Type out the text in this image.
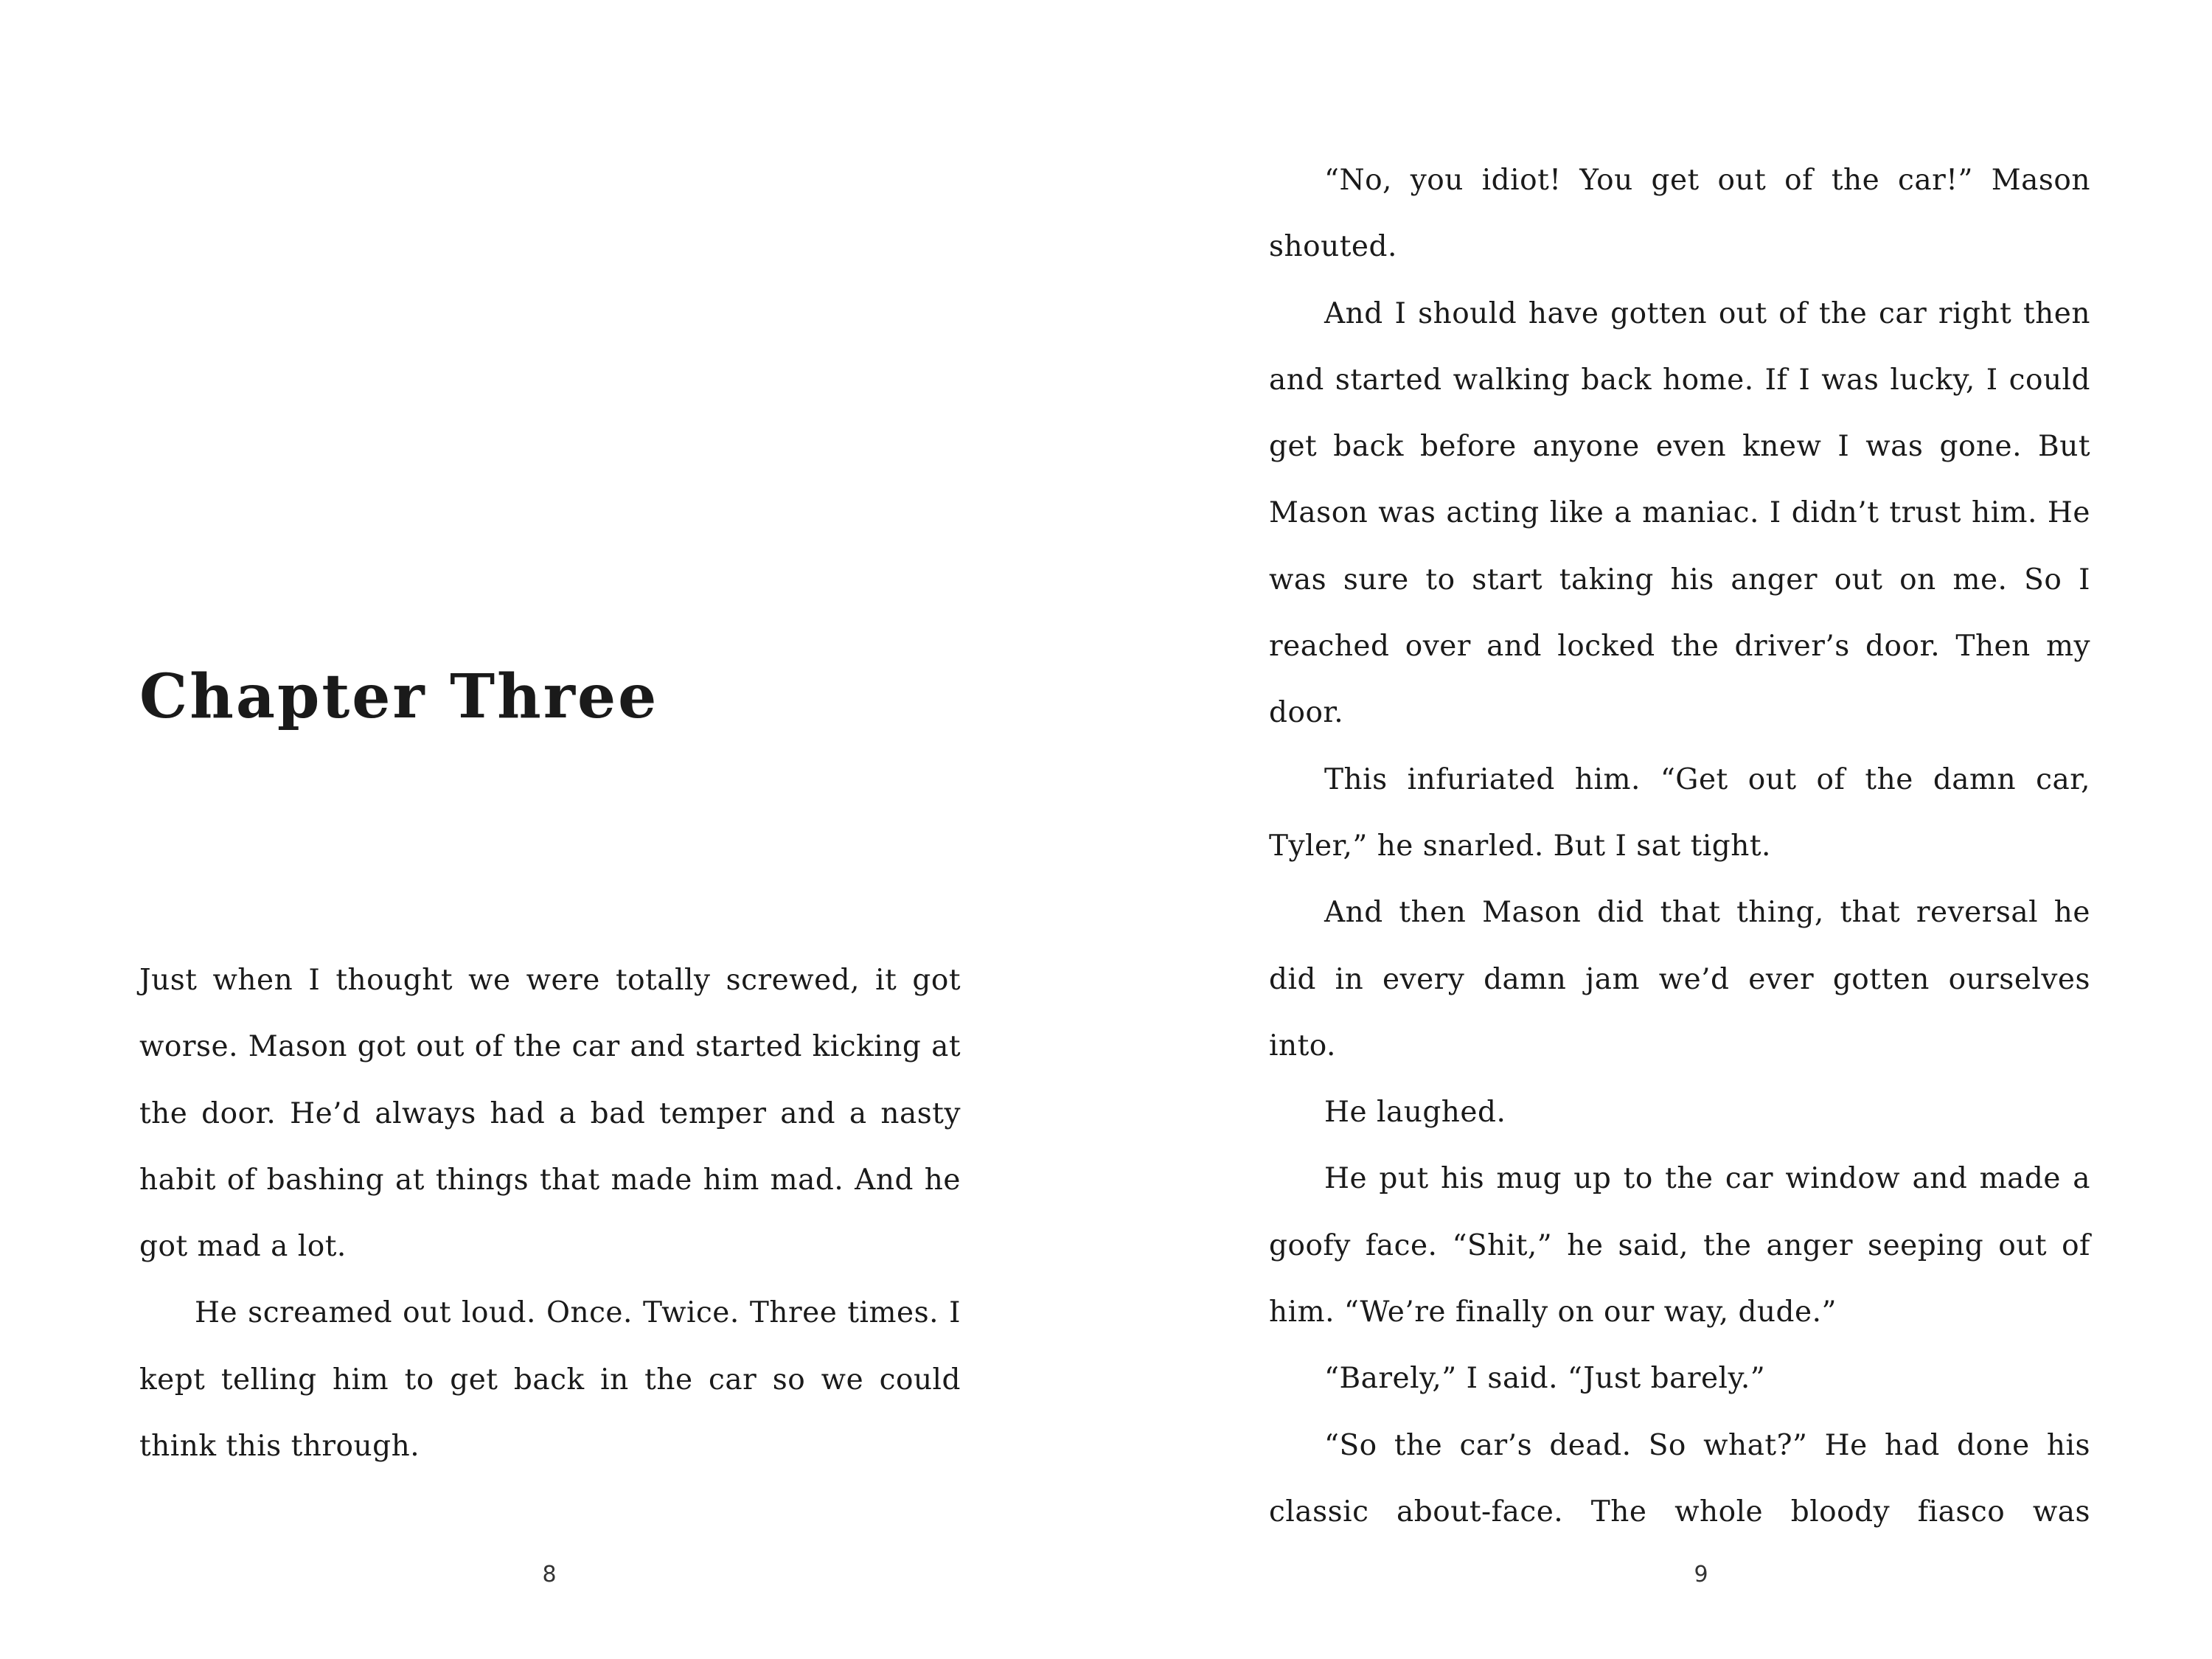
Chapter Three

Just when I thought we were totally screwed, it got worse. Mason got out of the car and started kicking at the door. He’d always had a bad temper and a nasty habit of bashing at things that made him mad. And he got mad a lot.

He screamed out loud. Once. Twice. Three times. I kept telling him to get back in the car so we could think this through.

8

“No, you idiot! You get out of the car!” Mason shouted.

And I should have gotten out of the car right then and started walking back home. If I was lucky, I could get back before anyone even knew I was gone. But Mason was acting like a maniac. I didn’t trust him. He was sure to start taking his anger out on me. So I reached over and locked the driver’s door. Then my door.

This infuriated him. “Get out of the damn car, Tyler,” he snarled. But I sat tight.

And then Mason did that thing, that reversal he did in every damn jam we’d ever gotten ourselves into.

He laughed.

He put his mug up to the car window and made a goofy face. “Shit,” he said, the anger seeping out of him. “We’re finally on our way, dude.”

“Barely,” I said. “Just barely.”

“So the car’s dead. So what?” He had done his classic about-face. The whole bloody fiasco was

9
